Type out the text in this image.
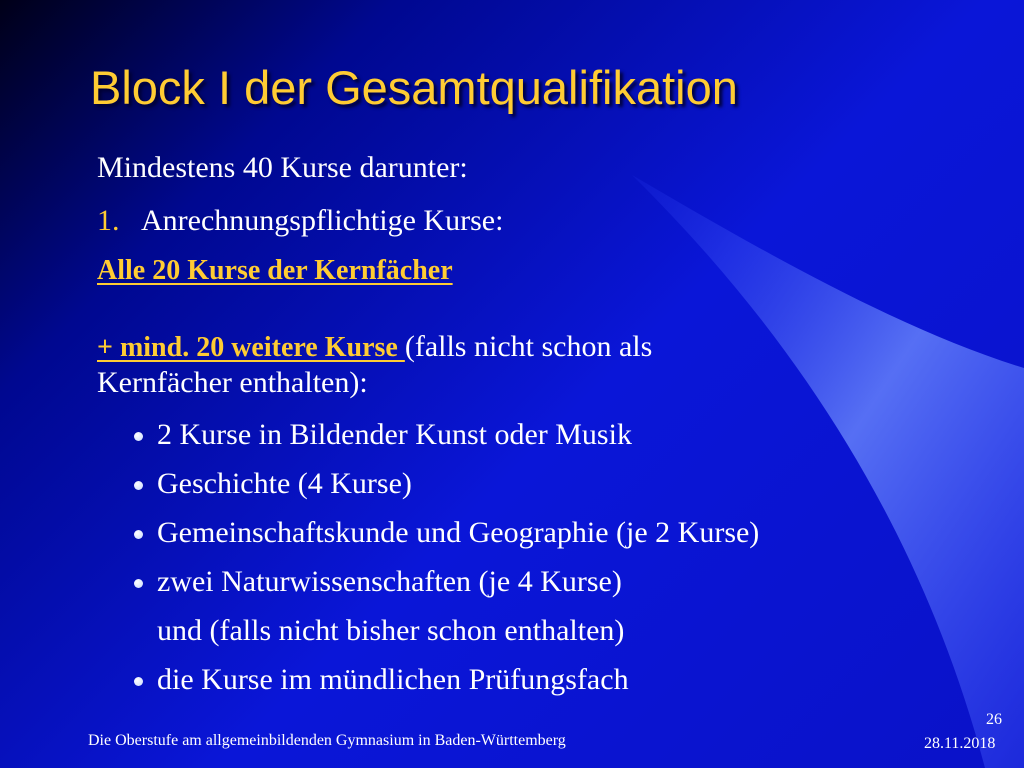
Block I der Gesamtqualifikation
Mindestens 40 Kurse darunter:
1. Anrechnungspflichtige Kurse:
Alle 20 Kurse der Kernfächer
+ mind. 20 weitere Kurse (falls nicht schon als
Kernfächer enthalten):
2 Kurse in Bildender Kunst oder Musik
Geschichte (4 Kurse)
Gemeinschaftskunde und Geographie (je 2 Kurse)
zwei Naturwissenschaften (je 4 Kurse)
und (falls nicht bisher schon enthalten)
die Kurse im mündlichen Prüfungsfach
Die Oberstufe am allgemeinbildenden Gymnasium in Baden-Württemberg
26
28.11.2018
